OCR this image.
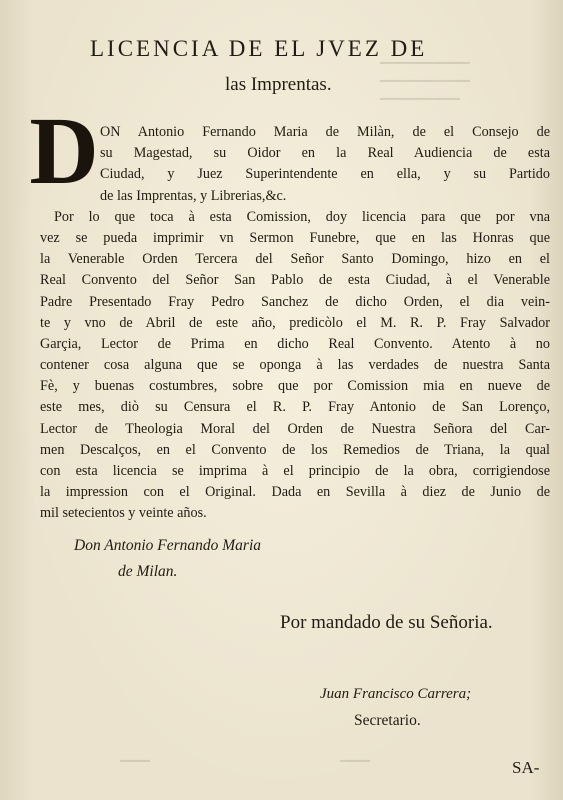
▔▔▔▔▔▔▔▔▔
▔▔▔▔▔▔▔▔▔
▔▔▔▔▔▔▔▔
▔▔▔	▔▔▔
LICENCIA DE EL JVEZ DE
las Imprentas.
D ON Antonio Fernando Maria de Milàn, de el Consejo de
su Magestad, su Oidor en la Real Audiencia de esta
Ciudad, y Juez Superintendente en ella, y su Partido
de las Imprentas, y Librerias,&c.
Por lo que toca à esta Comission, doy licencia para que por vna
vez se pueda imprimir vn Sermon Funebre, que en las Honras que
la Venerable Orden Tercera del Señor Santo Domingo, hizo en el
Real Convento del Señor San Pablo de esta Ciudad, à el Venerable
Padre Presentado Fray Pedro Sanchez de dicho Orden, el dia vein-
te y vno de Abril de este año, predicòlo el M. R. P. Fray Salvador
Garçia, Lector de Prima en dicho Real Convento. Atento à no
contener cosa alguna que se oponga à las verdades de nuestra Santa
Fè, y buenas costumbres, sobre que por Comission mia en nueve de
este mes, diò su Censura el R. P. Fray Antonio de San Lorenço,
Lector de Theologia Moral del Orden de Nuestra Señora del Car-
men Descalços, en el Convento de los Remedios de Triana, la qual
con esta licencia se imprima à el principio de la obra, corrigiendose
la impression con el Original. Dada en Sevilla à diez de Junio de
mil setecientos y veinte años.
Don Antonio Fernando Maria
de Milan.
Por mandado de su Señoria.
Juan Francisco Carrera;
Secretario.
SA-
